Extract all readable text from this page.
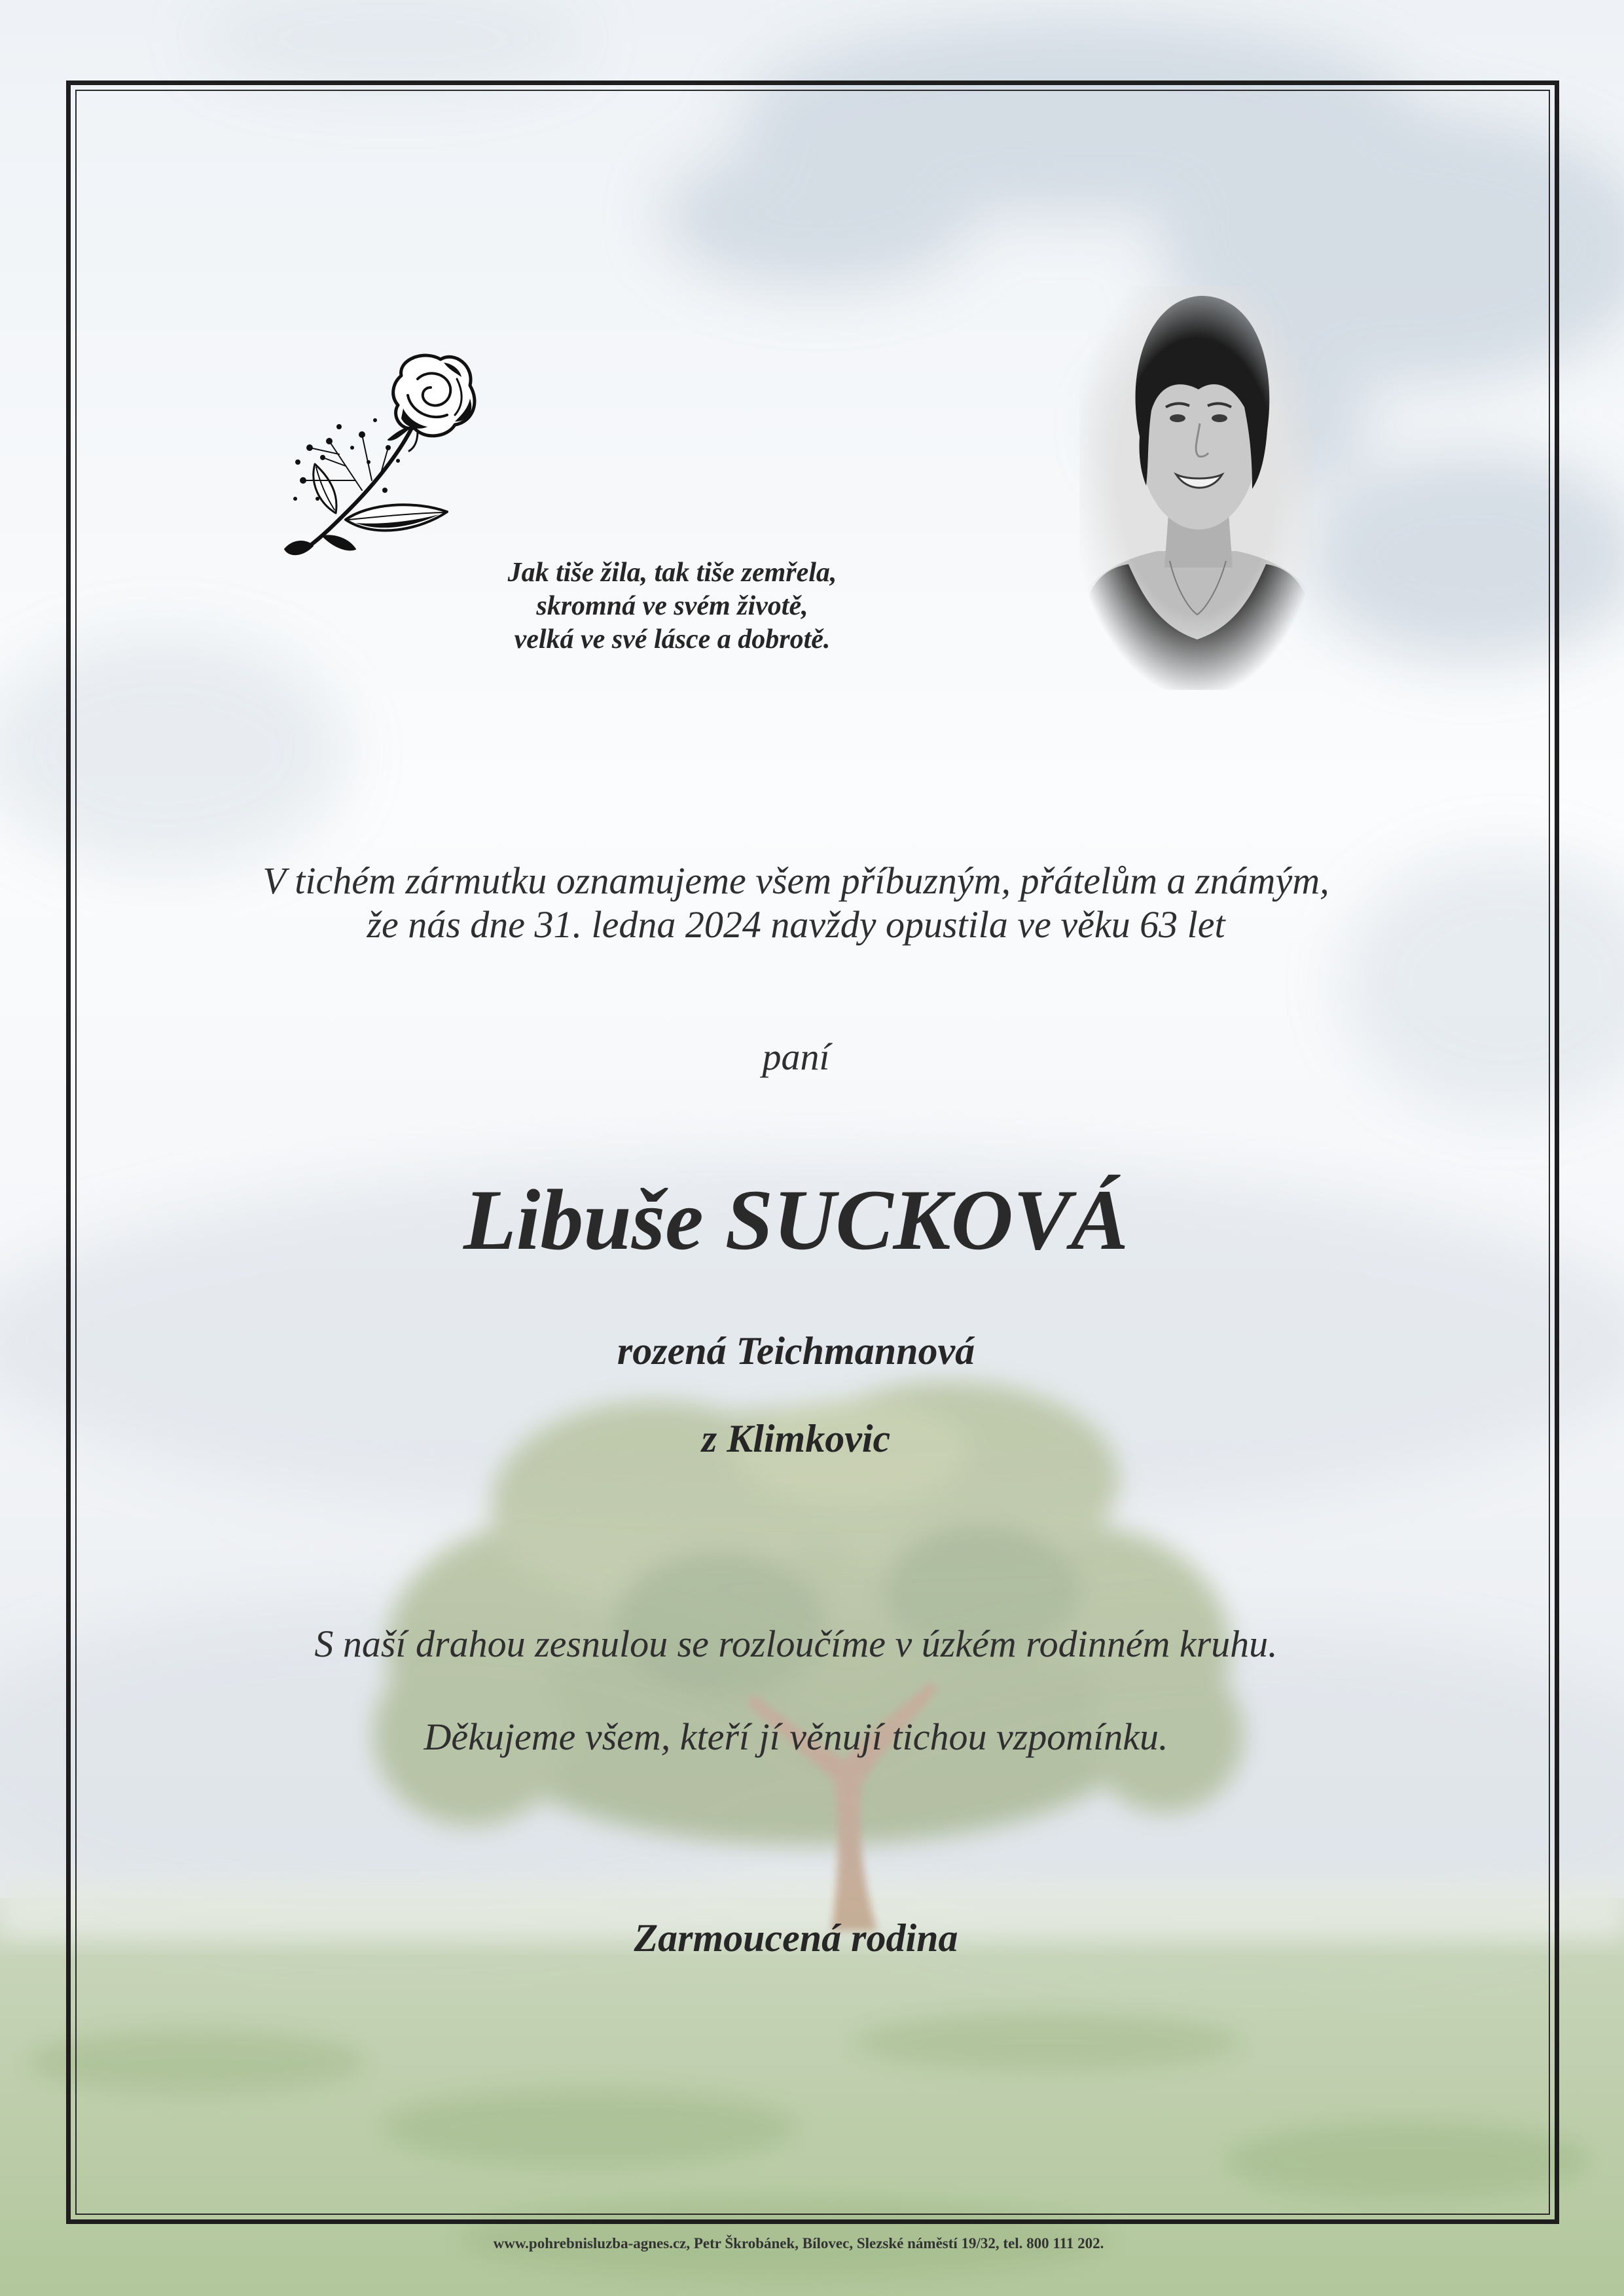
Jak tiše žila, tak tiše zemřela,
skromná ve svém životě,
velká ve své lásce a dobrotě.
V tichém zármutku oznamujeme všem příbuzným, přátelům a známým,
že nás dne 31. ledna 2024 navždy opustila ve věku 63 let
paní
Libuše SUCKOVÁ
rozená Teichmannová
z Klimkovic
S naší drahou zesnulou se rozloučíme v úzkém rodinném kruhu.
Děkujeme všem, kteří jí věnují tichou vzpomínku.
Zarmoucená rodina
www.pohrebnisluzba-agnes.cz, Petr Škrobánek, Bílovec, Slezské náměstí 19/32, tel. 800 111 202.
